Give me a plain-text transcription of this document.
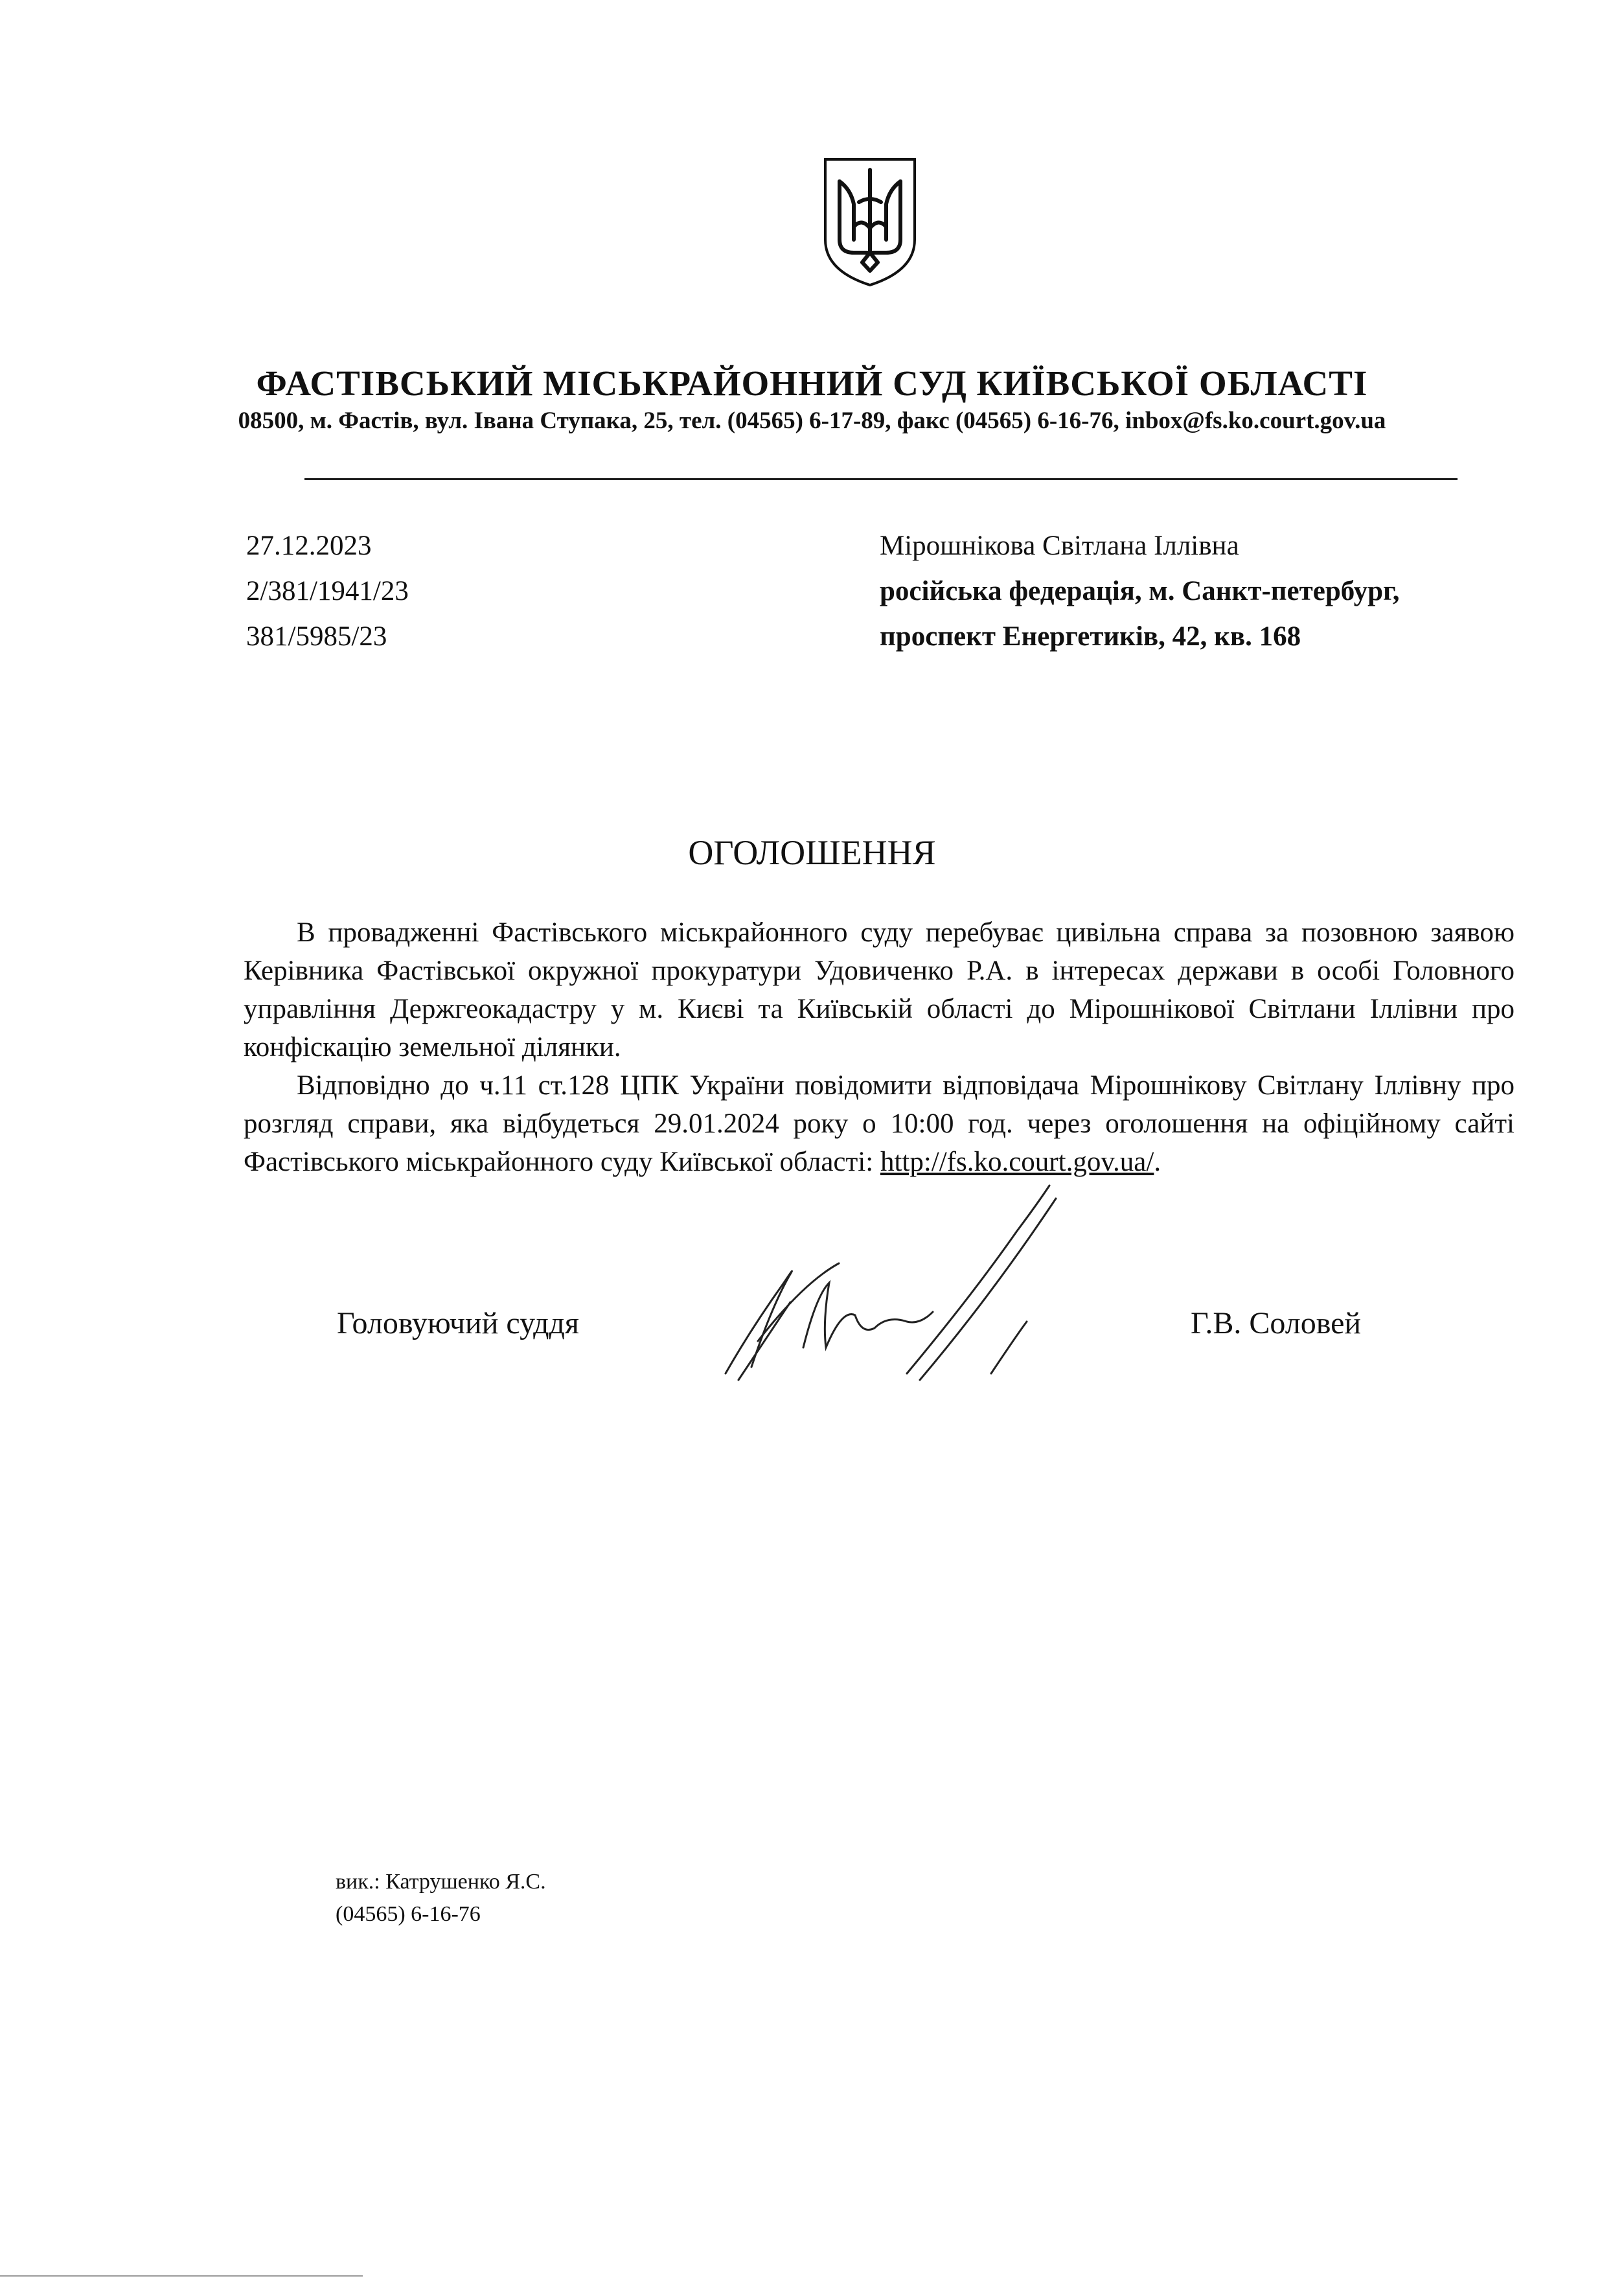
ФАСТІВСЬКИЙ МІСЬКРАЙОННИЙ СУД КИЇВСЬКОЇ ОБЛАСТІ
08500, м. Фастів, вул. Івана Ступака, 25, тел. (04565) 6-17-89, факс (04565) 6-16-76, inbox@fs.ko.court.gov.ua
27.12.2023
2/381/1941/23
381/5985/23
Мірошнікова Світлана Іллівна
російська федерація, м. Санкт-петербург,
проспект Енергетиків, 42, кв. 168
ОГОЛОШЕННЯ

В провадженні Фастівського міськрайонного суду перебуває цивільна справа за позовною заявою Керівника Фастівської окружної прокуратури Удовиченко Р.А. в інтересах держави в особі Головного управління Держгеокадастру у м. Києві та Київській області до Мірошнікової Світлани Іллівни про конфіскацію земельної ділянки.

Відповідно до ч.11 ст.128 ЦПК України повідомити відповідача Мірошнікову Світлану Іллівну про розгляд справи, яка відбудеться 29.01.2024 року о 10:00 год. через оголошення на офіційному сайті Фастівського міськрайонного суду Київської області: http://fs.ko.court.gov.ua/.

Головуючий суддя	Г.В. Соловей
вик.: Катрушенко Я.С.
(04565) 6-16-76
